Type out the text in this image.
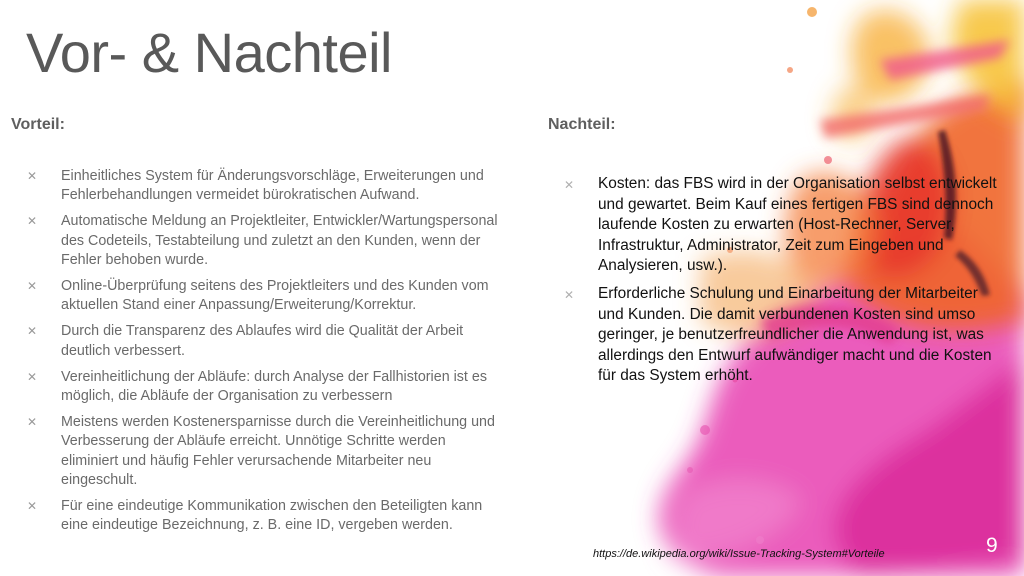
Vor- & Nachteil
Vorteil:	Nachteil:
✕ Einheitliches System für Änderungsvorschläge, Erweiterungen und Fehlerbehandlungen vermeidet bürokratischen Aufwand.
✕ Automatische Meldung an Projektleiter, Entwickler/Wartungspersonal des Codeteils, Testabteilung und zuletzt an den Kunden, wenn der Fehler behoben wurde.
✕ Online-Überprüfung seitens des Projektleiters und des Kunden vom aktuellen Stand einer Anpassung/Erweiterung/Korrektur.
✕ Durch die Transparenz des Ablaufes wird die Qualität der Arbeit deutlich verbessert.
✕ Vereinheitlichung der Abläufe: durch Analyse der Fallhistorien ist es möglich, die Abläufe der Organisation zu verbessern
✕ Meistens werden Kostenersparnisse durch die Vereinheitlichung und Verbesserung der Abläufe erreicht. Unnötige Schritte werden eliminiert und häufig Fehler verursachende Mitarbeiter neu eingeschult.
✕ Für eine eindeutige Kommunikation zwischen den Beteiligten kann eine eindeutige Bezeichnung, z. B. eine ID, vergeben werden.
✕ Kosten: das FBS wird in der Organisation selbst entwickelt und gewartet. Beim Kauf eines fertigen FBS sind dennoch laufende Kosten zu erwarten (Host-Rechner, Server, Infrastruktur, Administrator, Zeit zum Eingeben und Analysieren, usw.).
✕ Erforderliche Schulung und Einarbeitung der Mitarbeiter und Kunden. Die damit verbundenen Kosten sind umso geringer, je benutzerfreundlicher die Anwendung ist, was allerdings den Entwurf aufwändiger macht und die Kosten für das System erhöht.
https://de.wikipedia.org/wiki/Issue-Tracking-System#Vorteile	9
